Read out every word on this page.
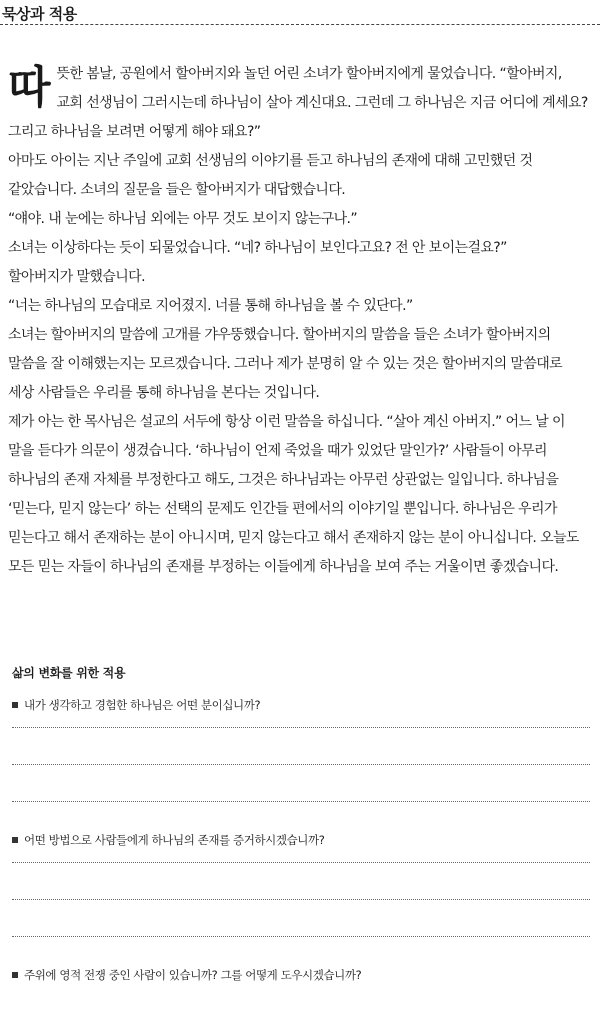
묵상과 적용

따뜻한 봄날, 공원에서 할아버지와 놀던 어린 소녀가 할아버지에게 물었습니다. “할아버지, 교회 선생님이 그러시는데 하나님이 살아 계신대요. 그런데 그 하나님은 지금 어디에 계세요? 그리고 하나님을 보려면 어떻게 해야 돼요?”

아마도 아이는 지난 주일에 교회 선생님의 이야기를 듣고 하나님의 존재에 대해 고민했던 것 같았습니다. 소녀의 질문을 들은 할아버지가 대답했습니다.

“얘야. 내 눈에는 하나님 외에는 아무 것도 보이지 않는구나.”

소녀는 이상하다는 듯이 되물었습니다. “네? 하나님이 보인다고요? 전 안 보이는걸요?”

할아버지가 말했습니다.

“너는 하나님의 모습대로 지어졌지. 너를 통해 하나님을 볼 수 있단다.”

소녀는 할아버지의 말씀에 고개를 갸우뚱했습니다. 할아버지의 말씀을 들은 소녀가 할아버지의 말씀을 잘 이해했는지는 모르겠습니다. 그러나 제가 분명히 알 수 있는 것은 할아버지의 말씀대로 세상 사람들은 우리를 통해 하나님을 본다는 것입니다.

제가 아는 한 목사님은 설교의 서두에 항상 이런 말씀을 하십니다. “살아 계신 아버지.” 어느 날 이 말을 듣다가 의문이 생겼습니다. ‘하나님이 언제 죽었을 때가 있었단 말인가?’ 사람들이 아무리 하나님의 존재 자체를 부정한다고 해도, 그것은 하나님과는 아무런 상관없는 일입니다. 하나님을 ‘믿는다, 믿지 않는다’ 하는 선택의 문제도 인간들 편에서의 이야기일 뿐입니다. 하나님은 우리가 믿는다고 해서 존재하는 분이 아니시며, 믿지 않는다고 해서 존재하지 않는 분이 아니십니다. 오늘도 모든 믿는 자들이 하나님의 존재를 부정하는 이들에게 하나님을 보여 주는 거울이면 좋겠습니다.

삶의 변화를 위한 적용
내가 생각하고 경험한 하나님은 어떤 분이십니까?
어떤 방법으로 사람들에게 하나님의 존재를 증거하시겠습니까?
주위에 영적 전쟁 중인 사람이 있습니까? 그를 어떻게 도우시겠습니까?
